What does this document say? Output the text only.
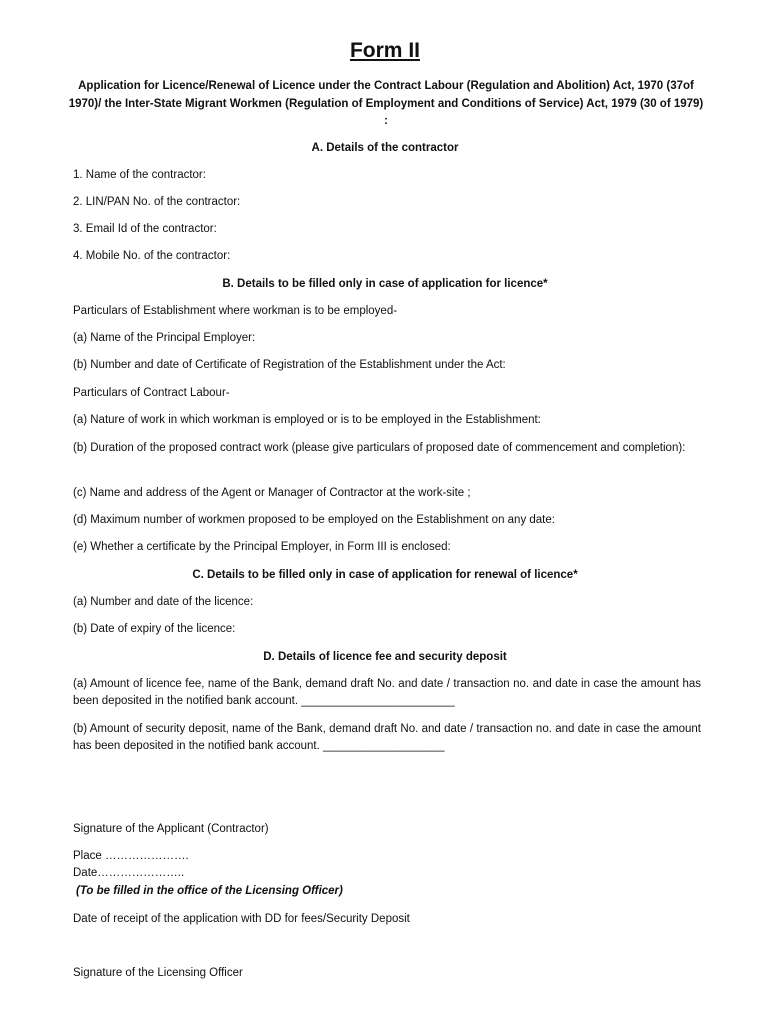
Form II
Application for Licence/Renewal of Licence under the Contract Labour (Regulation and Abolition) Act, 1970 (37of 1970)/ the Inter-State Migrant Workmen (Regulation of Employment and Conditions of Service) Act, 1979 (30 of 1979) :
A. Details of the contractor
1. Name of the contractor:
2. LIN/PAN No. of the contractor:
3. Email Id of the contractor:
4. Mobile No. of the contractor:
B. Details to be filled only in case of application for licence*
Particulars of Establishment where workman is to be employed-
(a) Name of the Principal Employer:
(b) Number and date of Certificate of Registration of the Establishment under the Act:
Particulars of Contract Labour-
(a) Nature of work in which workman is employed or is to be employed in the Establishment:
(b) Duration of the proposed contract work (please give particulars of proposed date of commencement and completion):
(c) Name and address of the Agent or Manager of Contractor at the work-site ;
(d) Maximum number of workmen proposed to be employed on the Establishment on any date:
(e) Whether a certificate by the Principal Employer, in Form III is enclosed:
C. Details to be filled only in case of application for renewal of licence*
(a) Number and date of the licence:
(b) Date of expiry of the licence:
D. Details of licence fee and security deposit
(a) Amount of licence fee, name of the Bank, demand draft No. and date / transaction no. and date in case the amount has been deposited in the notified bank account. ________________________
(b) Amount of security deposit, name of the Bank, demand draft No. and date / transaction no. and date in case the amount has been deposited in the notified bank account. ___________________
Signature of the Applicant (Contractor)
Place ………………….
Date…………………..
(To be filled in the office of the Licensing Officer)
Date of receipt of the application with DD for fees/Security Deposit
Signature of the Licensing Officer
